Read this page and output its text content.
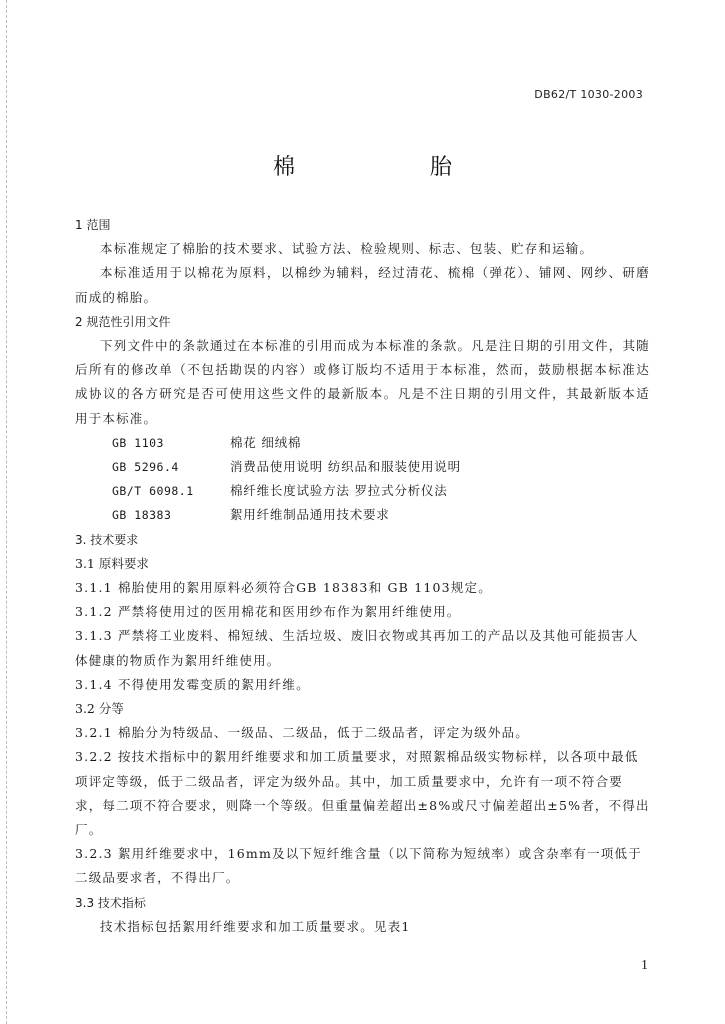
DB62/T 1030-2003
棉 胎

1 范围

本标准规定了棉胎的技术要求、试验方法、检验规则、标志、包装、贮存和运输。

本标准适用于以棉花为原料，以棉纱为辅料，经过清花、梳棉（弹花）、铺网、网纱、研磨而成的棉胎。

2 规范性引用文件

下列文件中的条款通过在本标准的引用而成为本标准的条款。凡是注日期的引用文件，其随后所有的修改单（不包括勘误的内容）或修订版均不适用于本标准，然而，鼓励根据本标准达成协议的各方研究是否可使用这些文件的最新版本。凡是不注日期的引用文件，其最新版本适用于本标准。

GB 1103	棉花 细绒棉
GB 5296.4	消费品使用说明 纺织品和服装使用说明
GB/T 6098.1	棉纤维长度试验方法 罗拉式分析仪法
GB 18383	絮用纤维制品通用技术要求

3. 技术要求

3.1 原料要求

3.1.1 棉胎使用的絮用原料必须符合GB 18383和 GB 1103规定。

3.1.2 严禁将使用过的医用棉花和医用纱布作为絮用纤维使用。

3.1.3 严禁将工业废料、棉短绒、生活垃圾、废旧衣物或其再加工的产品以及其他可能损害人体健康的物质作为絮用纤维使用。

3.1.4 不得使用发霉变质的絮用纤维。

3.2 分等

3.2.1 棉胎分为特级品、一级品、二级品，低于二级品者，评定为级外品。

3.2.2 按技术指标中的絮用纤维要求和加工质量要求，对照絮棉品级实物标样，以各项中最低项评定等级，低于二级品者，评定为级外品。其中，加工质量要求中，允许有一项不符合要求，每二项不符合要求，则降一个等级。但重量偏差超出±8%或尺寸偏差超出±5%者，不得出厂。

3.2.3 絮用纤维要求中，16mm及以下短纤维含量（以下简称为短绒率）或含杂率有一项低于二级品要求者，不得出厂。

3.3 技术指标

技术指标包括絮用纤维要求和加工质量要求。见表1

1
